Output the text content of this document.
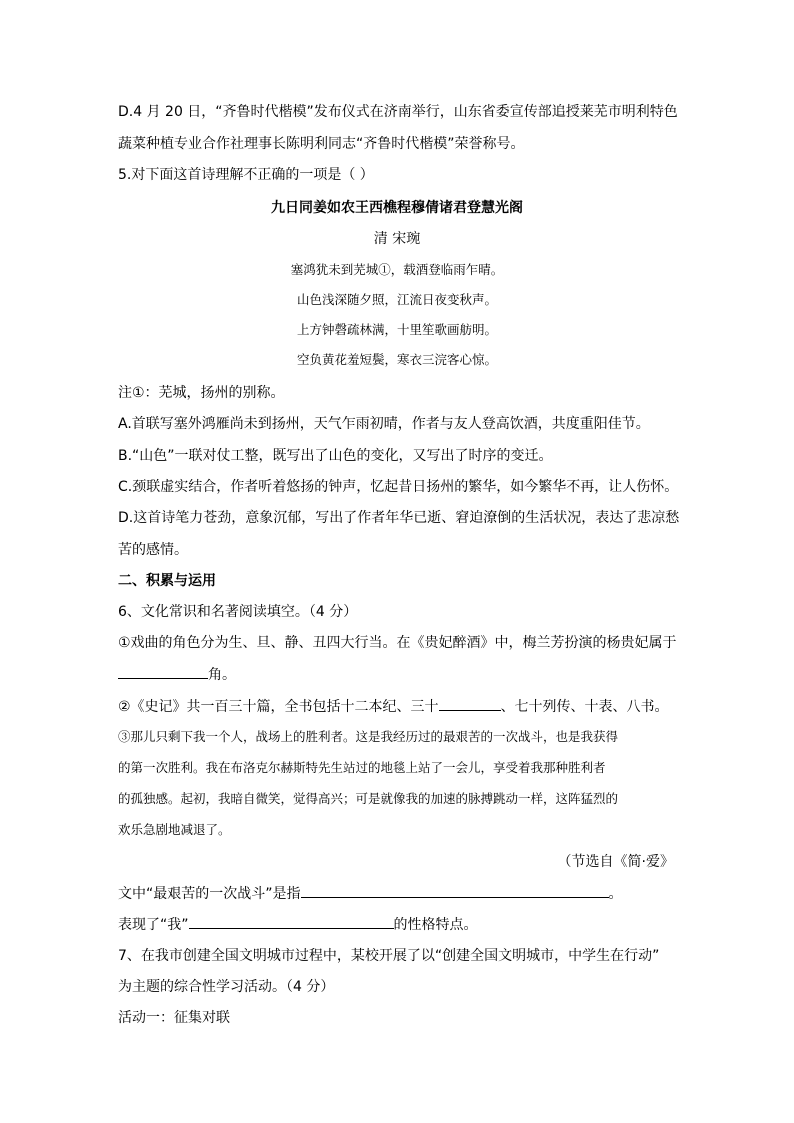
D.4 月 20 日，“齐鲁时代楷模”发布仪式在济南举行，山东省委宣传部追授莱芜市明利特色
蔬菜种植专业合作社理事长陈明利同志“齐鲁时代楷模”荣誉称号。
5.对下面这首诗理解不正确的一项是（ ）
九日同姜如农王西樵程穆倩诸君登慧光阁
清 宋琬
塞鸿犹未到芜城①，载酒登临雨乍晴。
山色浅深随夕照，江流日夜变秋声。
上方钟磬疏林满，十里笙歌画舫明。
空负黄花羞短鬓，寒衣三浣客心惊。
注①：芜城，扬州的别称。
A.首联写塞外鸿雁尚未到扬州，天气乍雨初晴，作者与友人登高饮酒，共度重阳佳节。
B.“山色”一联对仗工整，既写出了山色的变化，又写出了时序的变迁。
C.颈联虚实结合，作者听着悠扬的钟声，忆起昔日扬州的繁华，如今繁华不再，让人伤怀。
D.这首诗笔力苍劲，意象沉郁，写出了作者年华已逝、窘迫潦倒的生活状况，表达了悲凉愁
苦的感情。
二、积累与运用
6、文化常识和名著阅读填空。（4 分）
①戏曲的角色分为生、旦、静、丑四大行当。在《贵妃醉酒》中，梅兰芳扮演的杨贵妃属于
角。
②《史记》共一百三十篇，全书包括十二本纪、三十	、七十列传、十表、八书。
③那儿只剩下我一个人，战场上的胜利者。这是我经历过的最艰苦的一次战斗，也是我获得
的第一次胜利。我在布洛克尔赫斯特先生站过的地毯上站了一会儿，享受着我那种胜利者
的孤独感。起初，我暗自微笑，觉得高兴；可是就像我的加速的脉搏跳动一样，这阵猛烈的
欢乐急剧地减退了。
（节选自《简·爱》
文中“最艰苦的一次战斗”是指	。
表现了“我”	的性格特点。
7、在我市创建全国文明城市过程中，某校开展了以“创建全国文明城市，中学生在行动”
为主题的综合性学习活动。（4 分）
活动一：征集对联
